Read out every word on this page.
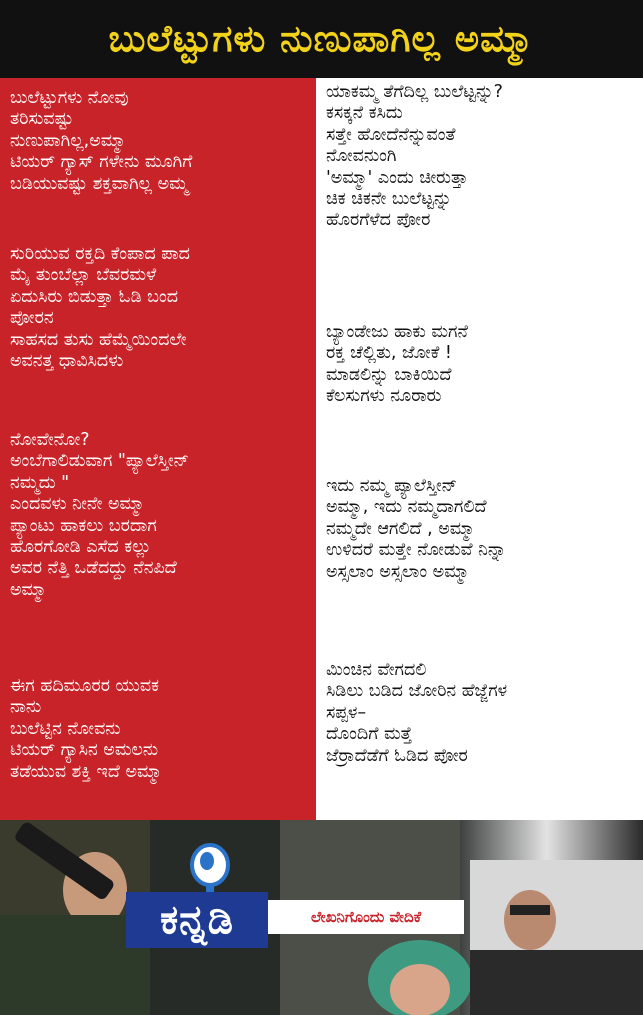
ಬುಲೆಟ್ಟುಗಳು ನುಣುಪಾಗಿಲ್ಲ ಅಮ್ಮಾ
ಬುಲೆಟ್ಟುಗಳು ನೋವು
ತರಿಸುವಷ್ಟು
ನುಣುಪಾಗಿಲ್ಲ,ಅಮ್ಮಾ
ಟಿಯರ್ ಗ್ಯಾಸ್ ಗಳೇನು ಮೂಗಿಗೆ
ಬಡಿಯುವಷ್ಟು ಶಕ್ತವಾಗಿಲ್ಲ ಅಮ್ಮ
ಸುರಿಯುವ ರಕ್ತದಿ ಕೆಂಪಾದ ಪಾದ
ಮೈ ತುಂಬೆಲ್ಲಾ ಬೆವರಮಳೆ
ಏದುಸಿರು ಬಿಡುತ್ತಾ ಓಡಿ ಬಂದ
ಪೋರನ
ಸಾಹಸದ ತುಸು ಹೆಮ್ಮೆಯಿಂದಲೇ
ಅವನತ್ತ ಧಾವಿಸಿದಳು
ನೋವೇನೋ?
ಅಂಬೆಗಾಲಿಡುವಾಗ "ಪ್ಯಾಲೆಸ್ತೀನ್
ನಮ್ಮದು "
ಎಂದವಳು ನೀನೇ ಅಮ್ಮಾ
ಪ್ಯಾಂಟು ಹಾಕಲು ಬರದಾಗ
ಹೊರಗೋಡಿ ಎಸೆದ ಕಲ್ಲು
ಅವರ ನೆತ್ತಿ ಒಡೆದದ್ದು ನೆನಪಿದೆ
ಅಮ್ಮಾ
ಈಗ ಹದಿಮೂರರ ಯುವಕ
ನಾನು
ಬುಲೆಟ್ಟಿನ ನೋವನು
ಟಿಯರ್ ಗ್ಯಾಸಿನ ಅಮಲನು
ತಡೆಯುವ ಶಕ್ತಿ ಇದೆ ಅಮ್ಮಾ
ಯಾಕಮ್ಮ ತೆಗೆದಿಲ್ಲ ಬುಲೆಟ್ಟನ್ನು?
ಕಸಕ್ಕನೆ ಕಸಿದು
ಸತ್ತೇ ಹೋದೆನೆನ್ನುವಂತೆ
ನೋವನುಂಗಿ
'ಅಮ್ಮಾ' ಎಂದು ಚೀರುತ್ತಾ
ಚಿಕ ಚಿಕನೇ ಬುಲೆಟ್ಟನ್ನು
ಹೊರಗೆಳೆದ ಪೋರ
ಬ್ಯಾಂಡೇಜು ಹಾಕು ಮಗನೆ
ರಕ್ತ ಚೆಲ್ಲಿತು, ಜೋಕೆ !
ಮಾಡಲಿನ್ನು ಬಾಕಿಯಿದೆ
ಕೆಲಸುಗಳು ನೂರಾರು
ಇದು ನಮ್ಮ ಪ್ಯಾಲೆಸ್ತೀನ್
ಅಮ್ಮಾ, ಇದು ನಮ್ಮದಾಗಲಿದೆ
ನಮ್ಮದೇ ಆಗಲಿದೆ , ಅಮ್ಮಾ
ಉಳಿದರೆ ಮತ್ತೇ ನೋಡುವೆ ನಿನ್ನಾ
ಅಸ್ಸಲಾಂ ಅಸ್ಸಲಾಂ ಅಮ್ಮಾ
ಮಿಂಚಿನ ವೇಗದಲಿ
ಸಿಡಿಲು ಬಡಿದ ಜೋರಿನ ಹೆಜ್ಜೆಗಳ
ಸಪ್ಪಳ–
ದೊಂದಿಗೆ ಮತ್ತೆ
ಜೆರ್ರಾದೆಡೆಗೆ ಓಡಿದ ಪೋರ
ಕನ್ನಡಿ	ಲೇಖನಿಗೊಂದು ವೇದಿಕೆ
